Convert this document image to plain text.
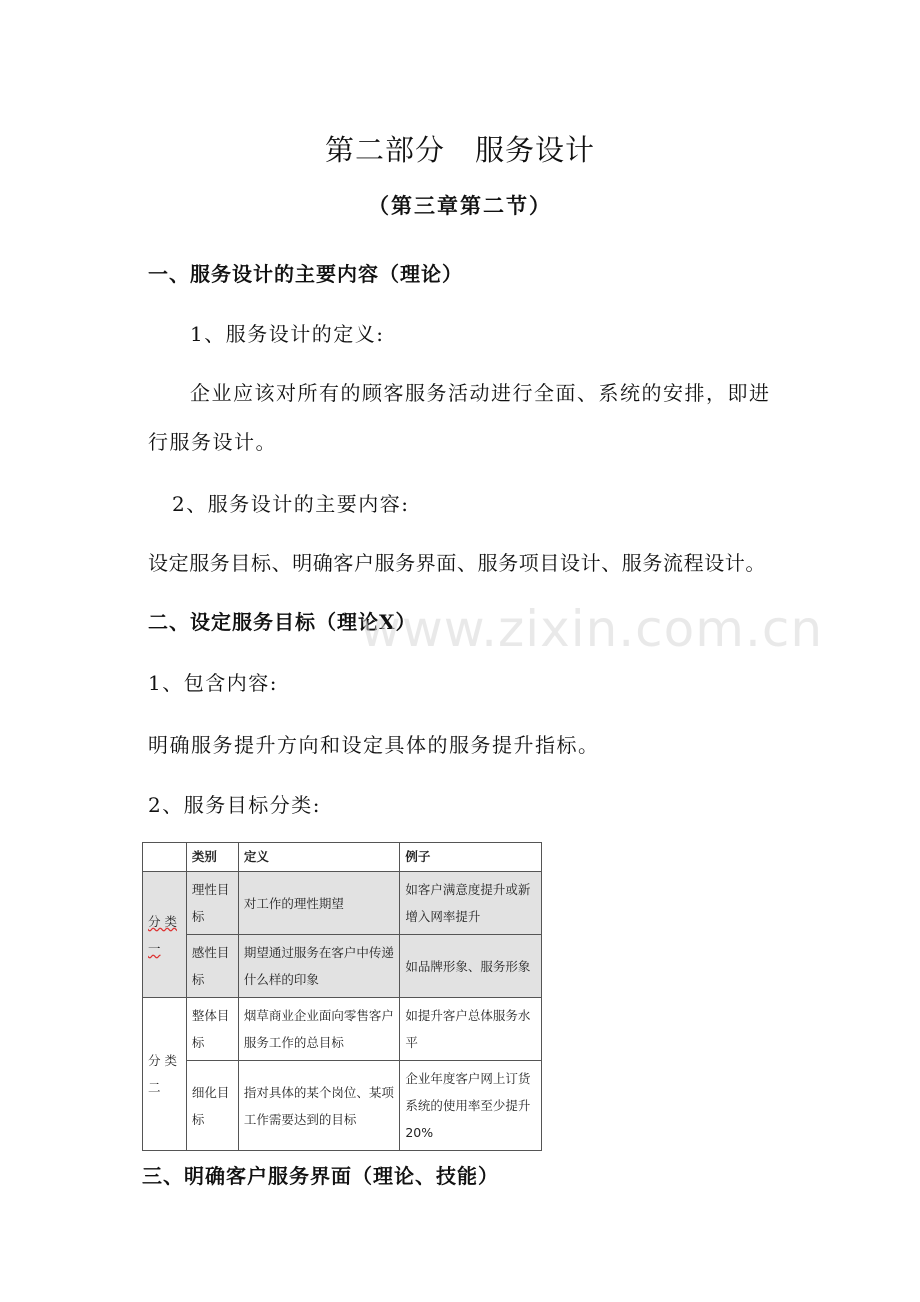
第二部分　服务设计
（第三章第二节）
一、服务设计的主要内容（理论）
1、服务设计的定义:
企业应该对所有的顾客服务活动进行全面、系统的安排，即进
行服务设计。
2、服务设计的主要内容:
设定服务目标、明确客户服务界面、服务项目设计、服务流程设计。
二、设定服务目标（理论X）
www.zixin.com.cn
1、包含内容:
明确服务提升方向和设定具体的服务提升指标。
2、服务目标分类:
	类别	定义	例子
分 类 一	理性目标	对工作的理性期望	如客户满意度提升或新增入网率提升
	感性目标	期望通过服务在客户中传递什么样的印象	如品牌形象、服务形象
分 类 二	整体目标	烟草商业企业面向零售客户服务工作的总目标	如提升客户总体服务水平
	细化目标	指对具体的某个岗位、某项工作需要达到的目标	企业年度客户网上订货系统的使用率至少提升20%
三、明确客户服务界面（理论、技能）
